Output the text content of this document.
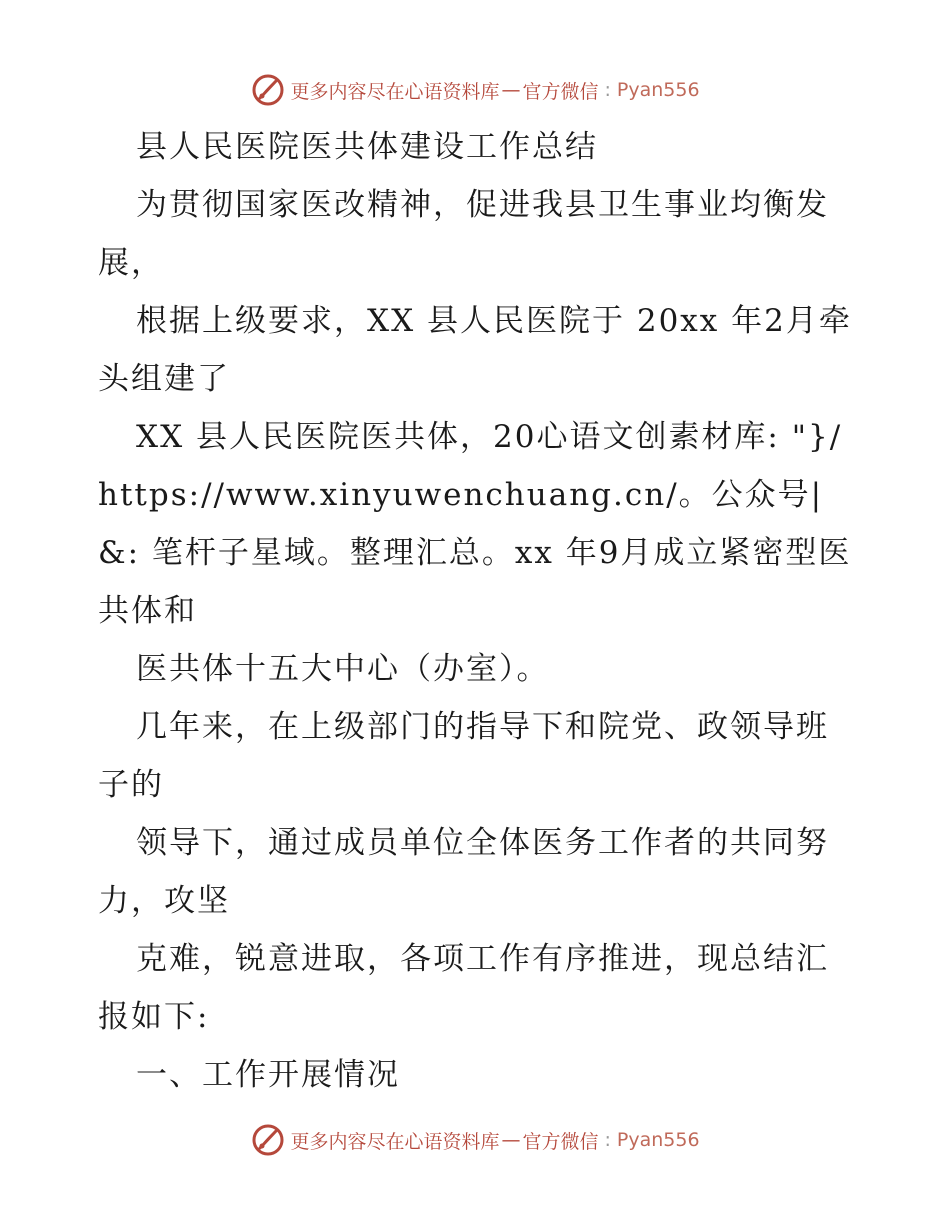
更多内容尽在心语资料库 — 官方微信 : Pyan556

县人民医院医共体建设工作总结

为贯彻国家医改精神，促进我县卫生事业均衡发展，

根据上级要求，XX 县人民医院于 20xx 年2月牵头组建了

XX 县人民医院医共体，20心语文创素材库: "}/https://www.xinyuwenchuang.cn/。公众号|&: 笔杆子星域。整理汇总。xx 年9月成立紧密型医共体和

医共体十五大中心（办室）。

几年来，在上级部门的指导下和院党、政领导班子的

领导下，通过成员单位全体医务工作者的共同努力，攻坚

克难，锐意进取，各项工作有序推进，现总结汇报如下:

一、工作开展情况

更多内容尽在心语资料库 — 官方微信 : Pyan556
